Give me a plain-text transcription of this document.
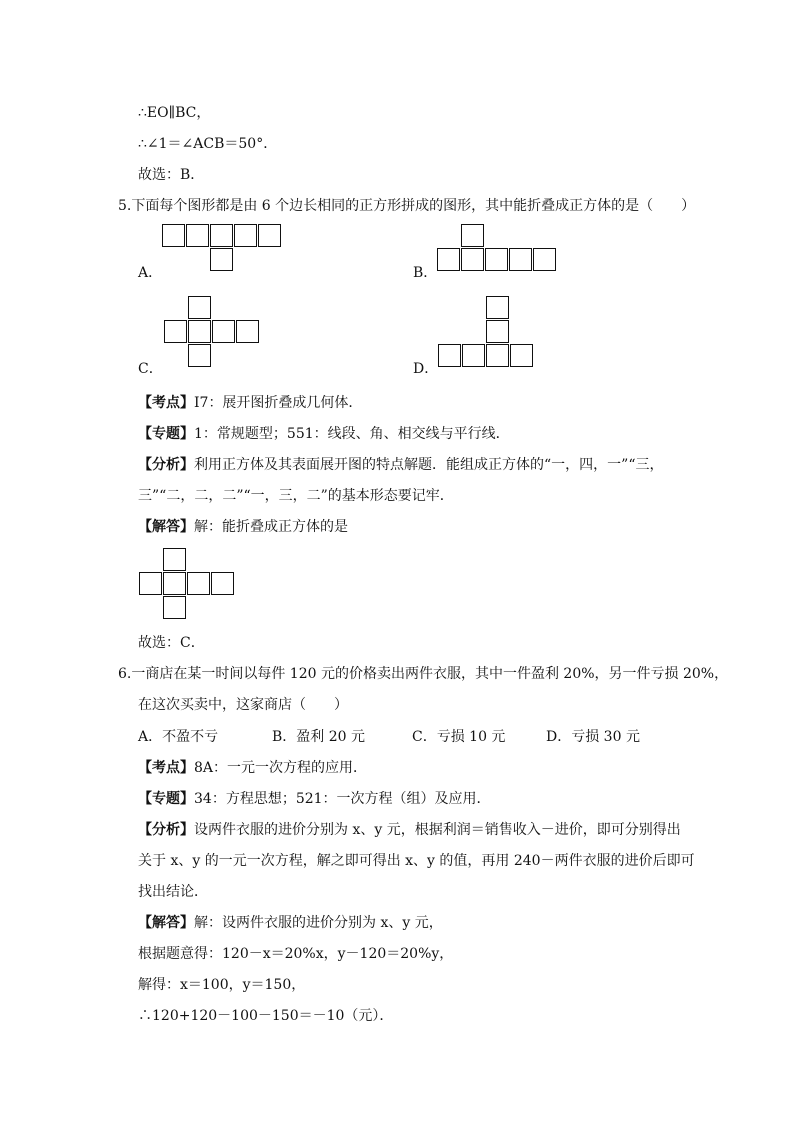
∴EO∥BC，
∴∠1＝∠ACB＝50°．
故选：B．
5.下面每个图形都是由 6 个边长相同的正方形拼成的图形，其中能折叠成正方体的是（　　）
A．	B．
C．	D．
【考点】I7：展开图折叠成几何体．
【专题】1：常规题型；551：线段、角、相交线与平行线．
【分析】利用正方体及其表面展开图的特点解题．能组成正方体的“一，四，一”“三，
三”“二，二，二”“一，三，二”的基本形态要记牢．
【解答】解：能折叠成正方体的是
故选：C．
6.一商店在某一时间以每件 120 元的价格卖出两件衣服，其中一件盈利 20%，另一件亏损 20%，
在这次买卖中，这家商店（　　）
A．不盈不亏	B．盈利 20 元	C．亏损 10 元	D．亏损 30 元
【考点】8A：一元一次方程的应用．
【专题】34：方程思想；521：一次方程（组）及应用．
【分析】设两件衣服的进价分别为 x、y 元，根据利润＝销售收入－进价，即可分别得出
关于 x、y 的一元一次方程，解之即可得出 x、y 的值，再用 240－两件衣服的进价后即可
找出结论．
【解答】解：设两件衣服的进价分别为 x、y 元，
根据题意得：120－x＝20%x，y－120＝20%y，
解得：x＝100，y＝150，
∴120+120－100－150＝－10（元）．
